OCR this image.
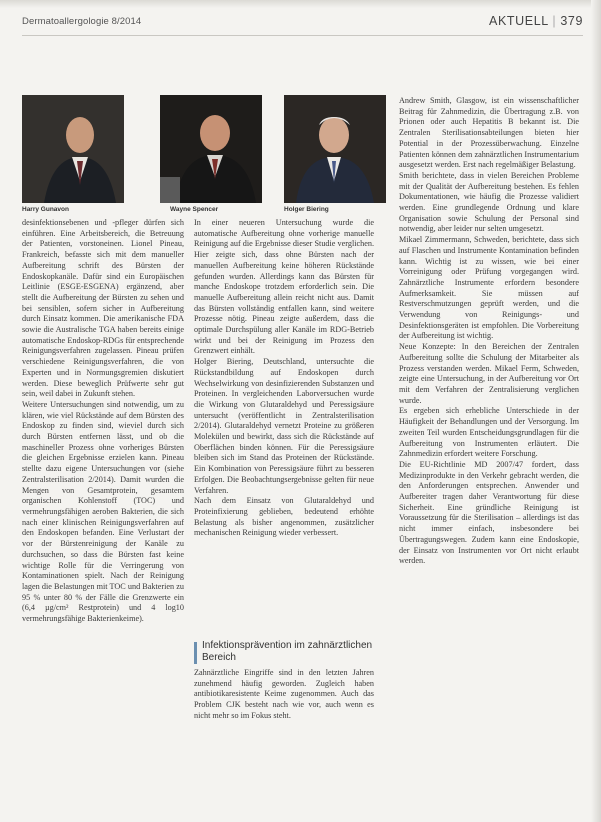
Dermatoallergologie 8/2014	AKTUELL | 379
Harry Gunavon	Wayne Spencer	Holger Biering

desinfektionsebenen und -pfleger dürfen sich einführen. Eine Arbeitsbereich, die Betreuung der Patienten, vorstoneinen. Lionel Pineau, Frankreich, befasste sich mit dem manueller Aufbereitung schrift des Bürsten der Endoskopkanäle. Dafür sind ein Europäischen Leitlinie (ESGE-ESGENA) ergänzend, aber stellt die Aufbereitung der Bürsten zu sehen und bei sensiblen, sofern sicher in Aufbereitung durch Einsatz kommen. Die amerikanische FDA sowie die Australische TGA haben bereits einige automatische Endoskop-RDGs für entsprechende Reinigungsverfahren zugelassen. Pineau prüfen verschiedene Reinigungsverfahren, die von Experten und in Normungsgremien diskutiert werden. Diese beweglich Prüfwerte sehr gut sein, weil dabei in Zukunft stehen.

Weitere Untersuchungen sind notwendig, um zu klären, wie viel Rückstände auf dem Bürsten des Endoskop zu finden sind, wieviel durch sich durch Bürsten entfernen lässt, und ob die maschineller Prozess ohne vorheriges Bürsten die gleichen Ergebnisse erzielen kann. Pineau stellte dazu eigene Untersuchungen vor (siehe Zentralsterilisation 2/2014). Damit wurden die Mengen von Gesamtprotein, gesamtem organischen Kohlenstoff (TOC) und vermehrungsfähigen aeroben Bakterien, die sich nach einer klinischen Reinigungsverfahren auf den Endoskopen befanden. Eine Verlustart der vor der Bürstenreinigung der Kanäle zu durchsuchen, so dass die Bürsten fast keine wichtige Rolle für die Verringerung von Kontaminationen spielt. Nach der Reinigung lagen die Belastungen mit TOC und Bakterien zu 95 % unter 80 % der Fälle die Grenzwerte ein (6,4 µg/cm² Restprotein) und 4 log10 vermehrungsfähige Bakterienkeime).

In einer neueren Untersuchung wurde die automatische Aufbereitung ohne vorherige manuelle Reinigung auf die Ergebnisse dieser Studie verglichen. Hier zeigte sich, dass ohne Bürsten nach der manuellen Aufbereitung keine höheren Rückstände gefunden wurden. Allerdings kann das Bürsten für manche Endoskope trotzdem erforderlich sein. Die manuelle Aufbereitung allein reicht nicht aus. Damit das Bürsten vollständig entfallen kann, sind weitere Prozesse nötig. Pineau zeigte außerdem, dass die optimale Durchspülung aller Kanäle im RDG-Betrieb wirkt und bei der Reinigung im Prozess den Grenzwert einhält.

Holger Biering, Deutschland, untersuchte die Rückstandbildung auf Endoskopen durch Wechselwirkung von desinfizierenden Substanzen und Proteinen. In vergleichenden Laborversuchen wurde die Wirkung von Glutaraldehyd und Peressigsäure untersucht (veröffentlicht in Zentralsterilisation 2/2014). Glutaraldehyd vernetzt Proteine zu größeren Molekülen und bewirkt, dass sich die Rückstände auf Oberflächen binden können. Für die Peressigsäure bleiben sich im Stand das Proteinen der Rückstände. Ein Kombination von Peressigsäure führt zu besseren Erfolgen. Die Beobachtungsergebnisse gelten für neue Verfahren.

Nach dem Einsatz von Glutaraldehyd und Proteinfixierung geblieben, bedeutend erhöhte Belastung als bisher angenommen, zusätzlicher mechanischen Reinigung wieder verbessert.

Infektionsprävention im zahnärztlichen Bereich

Zahnärztliche Eingriffe sind in den letzten Jahren zunehmend häufig geworden. Zugleich haben antibiotikaresistente Keime zugenommen. Auch das Problem CJK besteht nach wie vor, auch wenn es nicht mehr so im Fokus steht.

Andrew Smith, Glasgow, ist ein wissenschaftlicher Beitrag für Zahnmedizin, die Übertragung z.B. von Prionen oder auch Hepatitis B bekannt ist. Die Zentralen Sterilisationsabteilungen bieten hier Potential in der Prozessüberwachung. Einzelne Patienten können dem zahnärztlichen Instrumentarium ausgesetzt werden. Erst nach regelmäßiger Belastung.

Smith berichtete, dass in vielen Bereichen Probleme mit der Qualität der Aufbereitung bestehen. Es fehlen Dokumentationen, wie häufig die Prozesse validiert werden. Eine grundlegende Ordnung und klare Organisation sowie Schulung der Personal sind notwendig, aber leider nur selten umgesetzt.

Mikael Zimmermann, Schweden, berichtete, dass sich auf Flaschen und Instrumente Kontamination befinden kann. Wichtig ist zu wissen, wie bei einer Vorreinigung oder Prüfung vorgegangen wird. Zahnärztliche Instrumente erfordern besondere Aufmerksamkeit. Sie müssen auf Restverschmutzungen geprüft werden, und die Verwendung von Reinigungs- und Desinfektionsgeräten ist empfohlen. Die Vorbereitung der Aufbereitung ist wichtig.

Neue Konzepte: In den Bereichen der Zentralen Aufbereitung sollte die Schulung der Mitarbeiter als Prozess verstanden werden. Mikael Ferm, Schweden, zeigte eine Untersuchung, in der Aufbereitung vor Ort mit dem Verfahren der Zentralisierung verglichen wurde.

Es ergeben sich erhebliche Unterschiede in der Häufigkeit der Behandlungen und der Versorgung. Im zweiten Teil wurden Entscheidungsgrundlagen für die Aufbereitung von Instrumenten erläutert. Die Zahnmedizin erfordert weitere Forschung.

Die EU-Richtlinie MD 2007/47 fordert, dass Medizinprodukte in den Verkehr gebracht werden, die den Anforderungen entsprechen. Anwender und Aufbereiter tragen daher Verantwortung für diese Sicherheit. Eine gründliche Reinigung ist Voraussetzung für die Sterilisation – allerdings ist das nicht immer einfach, insbesondere bei Übertragungswegen. Zudem kann eine Endoskopie, der Einsatz von Instrumenten vor Ort nicht erlaubt werden.
